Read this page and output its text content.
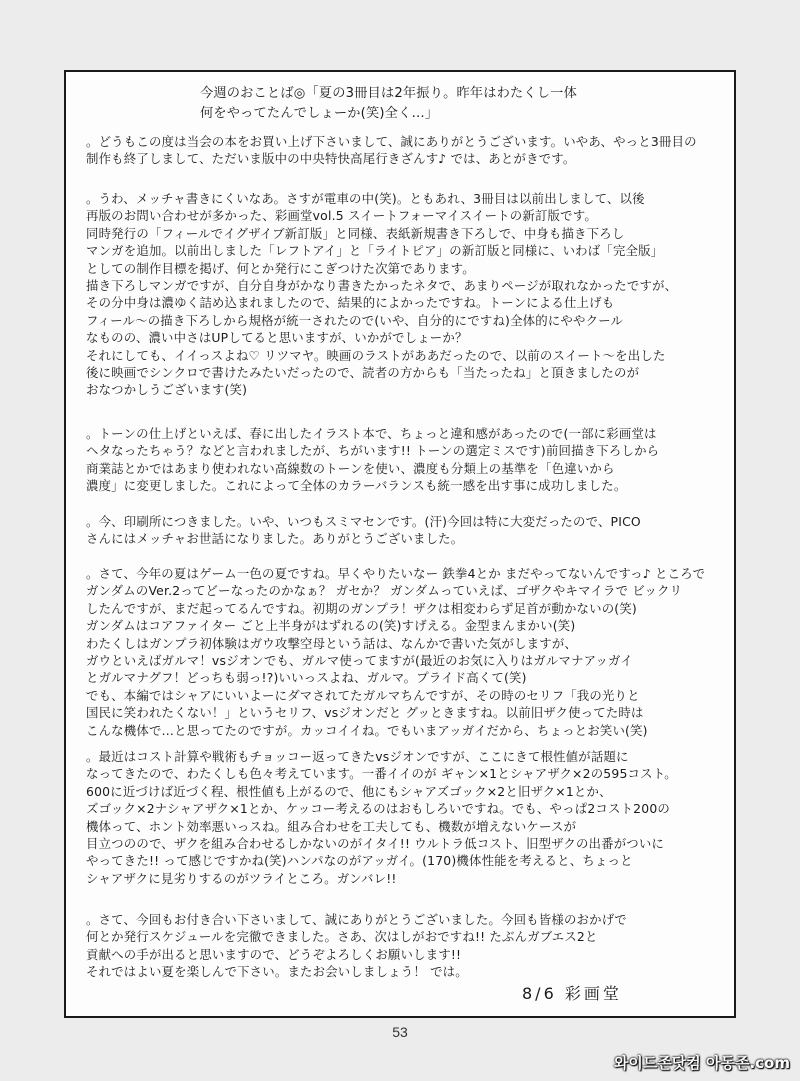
今週のおことば◎「夏の3冊目は2年振り。昨年はわたくし一体
何をやってたんでしょーか(笑)全く…」
。どうもこの度は当会の本をお買い上げ下さいまして、誠にありがとうございます。いやあ、やっと3冊目の
制作も終了しまして、ただいま版中の中央特快高尾行きざんす♪ では、あとがきです。
。うわ、メッチャ書きにくいなあ。さすが電車の中(笑)。ともあれ、3冊目は以前出しまして、以後
再版のお問い合わせが多かった、彩画堂vol.5 スイートフォーマイスイートの新訂版です。
同時発行の「フィールでイグザイブ新訂版」と同様、表紙新規書き下ろしで、中身も描き下ろし
マンガを追加。以前出しました「レフトアイ」と「ライトピア」の新訂版と同様に、いわば「完全版」
としての制作目標を掲げ、何とか発行にこぎつけた次第であります。
描き下ろしマンガですが、自分自身がかなり書きたかったネタで、あまりページが取れなかったですが、
その分中身は濃ゆく詰め込まれましたので、結果的によかったですね。トーンによる仕上げも
フィール～の描き下ろしから規格が統一されたので(いや、自分的にですね)全体的にややクール
なものの、濃い中さはUPしてると思いますが、いかがでしょーか？
それにしても、イイっスよね♡ リツマヤ。映画のラストがああだったので、以前のスイート～を出した
後に映画でシンクロで書けたみたいだったので、読者の方からも「当たったね」と頂きましたのが
おなつかしうございます(笑)
。トーンの仕上げといえば、春に出したイラスト本で、ちょっと違和感があったので(一部に彩画堂は
ヘタなったちゃう？などと言われましたが、ちがいます!! トーンの選定ミスです)前回描き下ろしから
商業誌とかではあまり使われない高線数のトーンを使い、濃度も分類上の基準を「色違いから
濃度」に変更しました。これによって全体のカラーバランスも統一感を出す事に成功しました。
。今、印刷所につきました。いや、いつもスミマセンです。(汗)今回は特に大変だったので、PICO
さんにはメッチャお世話になりました。ありがとうございました。
。さて、今年の夏はゲーム一色の夏ですね。早くやりたいなー 鉄拳4とか まだやってないんですっ♪ ところで
ガンダムのVer.2ってどーなったのかなぁ？ ガセか？ ガンダムっていえば、ゴザクやキマイラで ビックリ
したんですが、まだ起ってるんですね。初期のガンプラ！ザクは相変わらず足首が動かないの(笑)
ガンダムはコアファイター ごと上半身がはずれるの(笑)すげえる。金型まんまかい(笑)
わたくしはガンプラ初体験はガウ攻撃空母という話は、なんかで書いた気がしますが、
ガウといえばガルマ！vsジオンでも、ガルマ使ってますが(最近のお気に入りはガルマナアッガイ
とガルマナグフ！どっちも弱っ!?)いいっスよね、ガルマ。プライド高くて(笑)
でも、本編ではシャアにいいよーにダマされてたガルマちんですが、その時のセリフ「我の光りと
国民に笑われたくない！」というセリフ、vsジオンだと グッときますね。以前旧ザク使ってた時は
こんな機体で…と思ってたのですが。カッコイイね。でもいまアッガイだから、ちょっとお笑い(笑)
。最近はコスト計算や戦術もチョッコー返ってきたvsジオンですが、ここにきて根性値が話題に
なってきたので、わたくしも色々考えています。一番イイのが ギャン×1とシャアザク×2の595コスト。
600に近づけば近づく程、根性値も上がるので、他にもシャアズゴック×2と旧ザク×1とか、
ズゴック×2ナシャアザク×1とか、ケッコー考えるのはおもしろいですね。でも、やっぱ2コスト200の
機体って、ホント効率悪いっスね。組み合わせを工夫しても、機数が増えないケースが
目立つのので、ザクを組み合わせるしかないのがイタイ!! ウルトラ低コスト、旧型ザクの出番がついに
やってきた!! って感じですかね(笑)ハンパなのがアッガイ。(170)機体性能を考えると、ちょっと
シャアザクに見劣りするのがツライところ。ガンバレ!!
。さて、今回もお付き合い下さいまして、誠にありがとうございました。今回も皆様のおかげで
何とか発行スケジュールを完徹できました。さあ、次はしがおですね!! たぶんガブエス2と
貢献への手が出ると思いますので、どうぞよろしくお願いします!!
それではよい夏を楽しんで下さい。またお会いしましょう！ では。
8/6 彩画堂
53
와이드존닷컴 아동존.com
